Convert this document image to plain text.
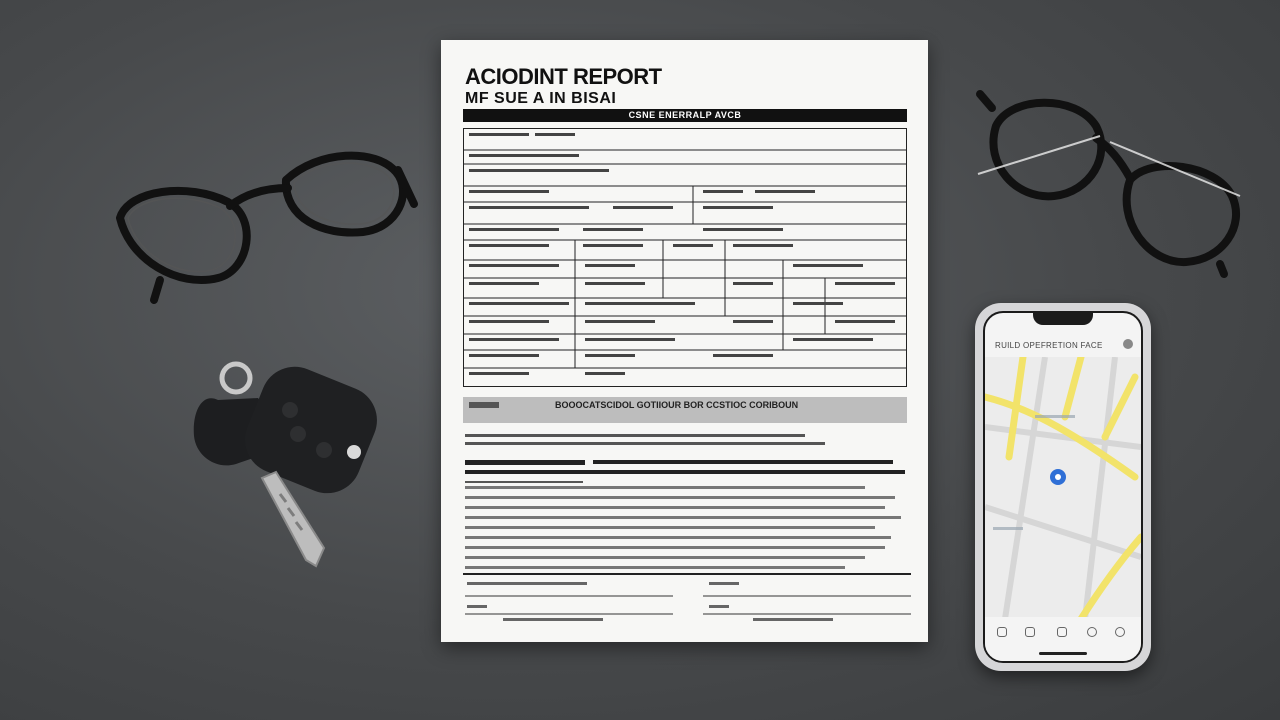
ACIODINT REPORT
MF SUE A IN BISAI
CSNE ENERRALP AVCB
BOOOCATSCIDOL GOTIIOUR BOR CCSTIOC CORIBOUN
RUILD OPEFRETION FACE
